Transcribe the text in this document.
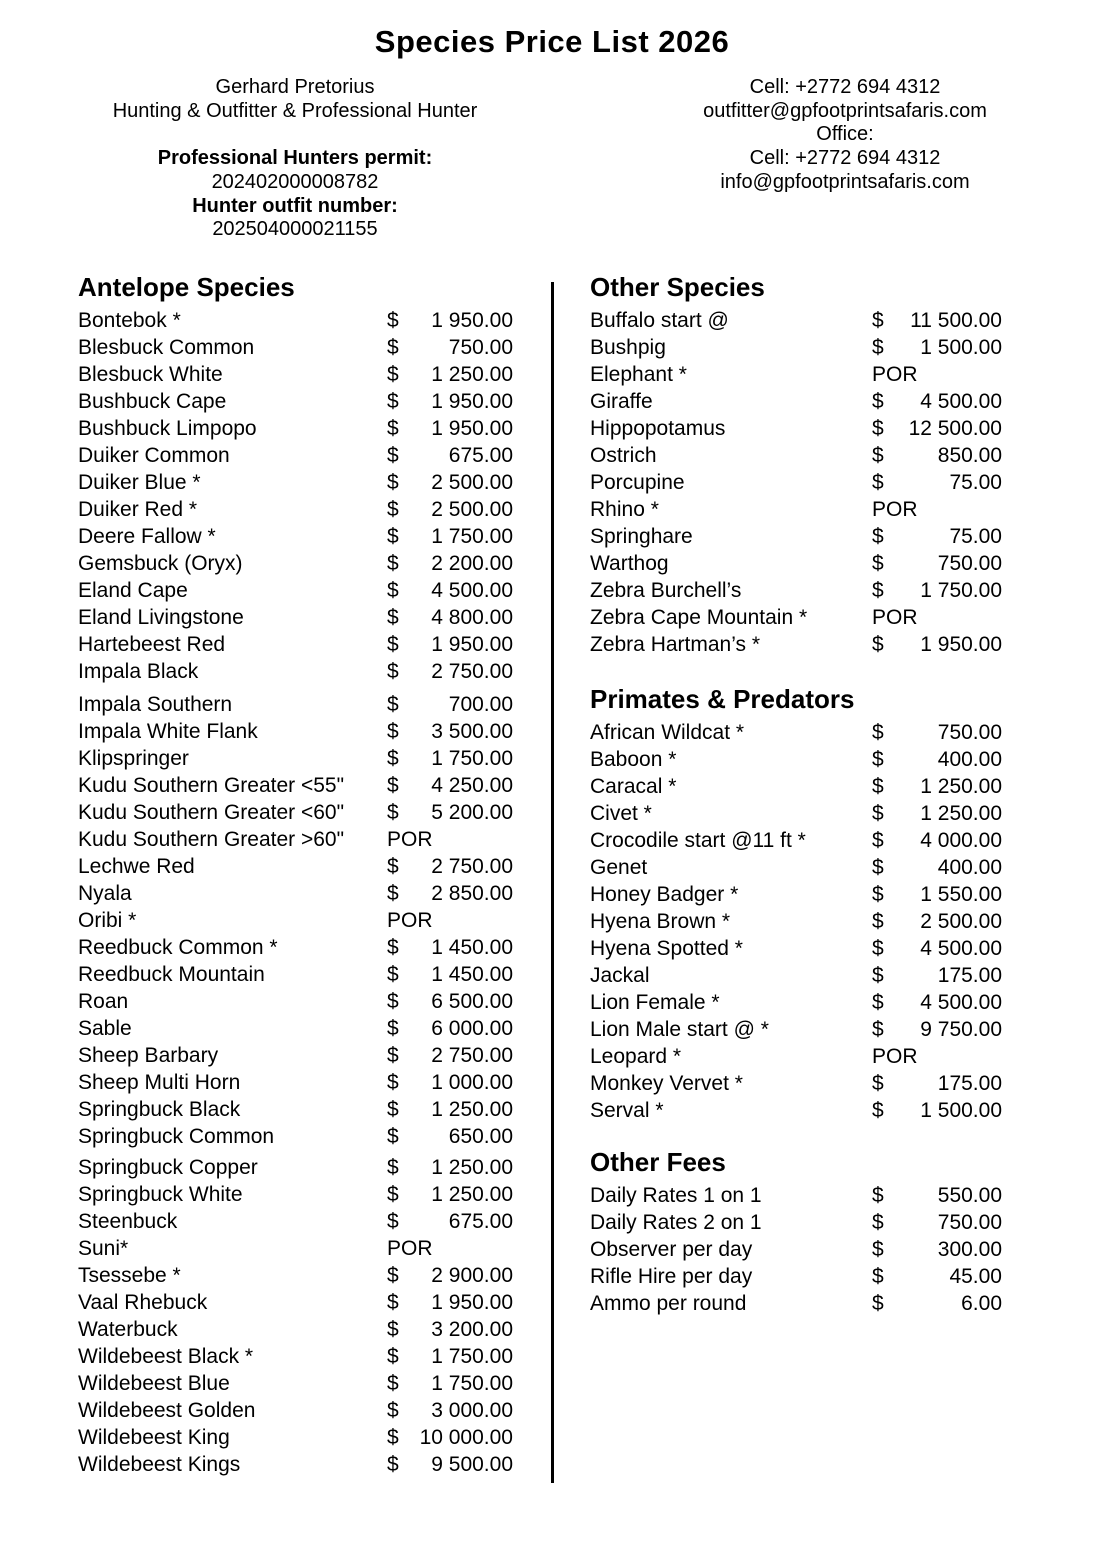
Species Price List 2026
Gerhard Pretorius
Hunting & Outfitter & Professional Hunter
Professional Hunters permit:
202402000008782
Hunter outfit number:
202504000021155
Cell: +2772 694 4312
outfitter@gpfootprintsafaris.com
Office:
Cell: +2772 694 4312
info@gpfootprintsafaris.com
Antelope Species
Bontebok *	$	1 950.00
Blesbuck Common	$	750.00
Blesbuck White	$	1 250.00
Bushbuck Cape	$	1 950.00
Bushbuck Limpopo	$	1 950.00
Duiker Common	$	675.00
Duiker Blue *	$	2 500.00
Duiker Red *	$	2 500.00
Deere Fallow *	$	1 750.00
Gemsbuck (Oryx)	$	2 200.00
Eland Cape	$	4 500.00
Eland Livingstone	$	4 800.00
Hartebeest Red	$	1 950.00
Impala Black	$	2 750.00
Impala Southern	$	700.00
Impala White Flank	$	3 500.00
Klipspringer	$	1 750.00
Kudu Southern Greater <55"	$	4 250.00
Kudu Southern Greater <60"	$	5 200.00
Kudu Southern Greater >60"	POR
Lechwe Red	$	2 750.00
Nyala	$	2 850.00
Oribi *	POR
Reedbuck Common *	$	1 450.00
Reedbuck Mountain	$	1 450.00
Roan	$	6 500.00
Sable	$	6 000.00
Sheep Barbary	$	2 750.00
Sheep Multi Horn	$	1 000.00
Springbuck Black	$	1 250.00
Springbuck Common	$	650.00
Springbuck Copper	$	1 250.00
Springbuck White	$	1 250.00
Steenbuck	$	675.00
Suni*	POR
Tsessebe *	$	2 900.00
Vaal Rhebuck	$	1 950.00
Waterbuck	$	3 200.00
Wildebeest Black *	$	1 750.00
Wildebeest Blue	$	1 750.00
Wildebeest Golden	$	3 000.00
Wildebeest King	$ 10 000.00
Wildebeest Kings	$	9 500.00
Other Species
Buffalo start @	$	11 500.00
Bushpig	$	1 500.00
Elephant *	POR
Giraffe	$	4 500.00
Hippopotamus	$	12 500.00
Ostrich	$	850.00
Porcupine	$	75.00
Rhino *	POR
Springhare	$	75.00
Warthog	$	750.00
Zebra Burchell’s	$	1 750.00
Zebra Cape Mountain *	POR
Zebra Hartman’s *	$	1 950.00
Primates & Predators
African Wildcat *	$	750.00
Baboon *	$	400.00
Caracal *	$	1 250.00
Civet *	$	1 250.00
Crocodile start @11 ft *	$	4 000.00
Genet	$	400.00
Honey Badger *	$	1 550.00
Hyena Brown *	$	2 500.00
Hyena Spotted *	$	4 500.00
Jackal	$	175.00
Lion Female *	$	4 500.00
Lion Male start @ *	$	9 750.00
Leopard *	POR
Monkey Vervet *	$	175.00
Serval *	$	1 500.00
Other Fees
Daily Rates 1 on 1	$	550.00
Daily Rates 2 on 1	$	750.00
Observer per day	$	300.00
Rifle Hire per day	$	45.00
Ammo per round	$	6.00
